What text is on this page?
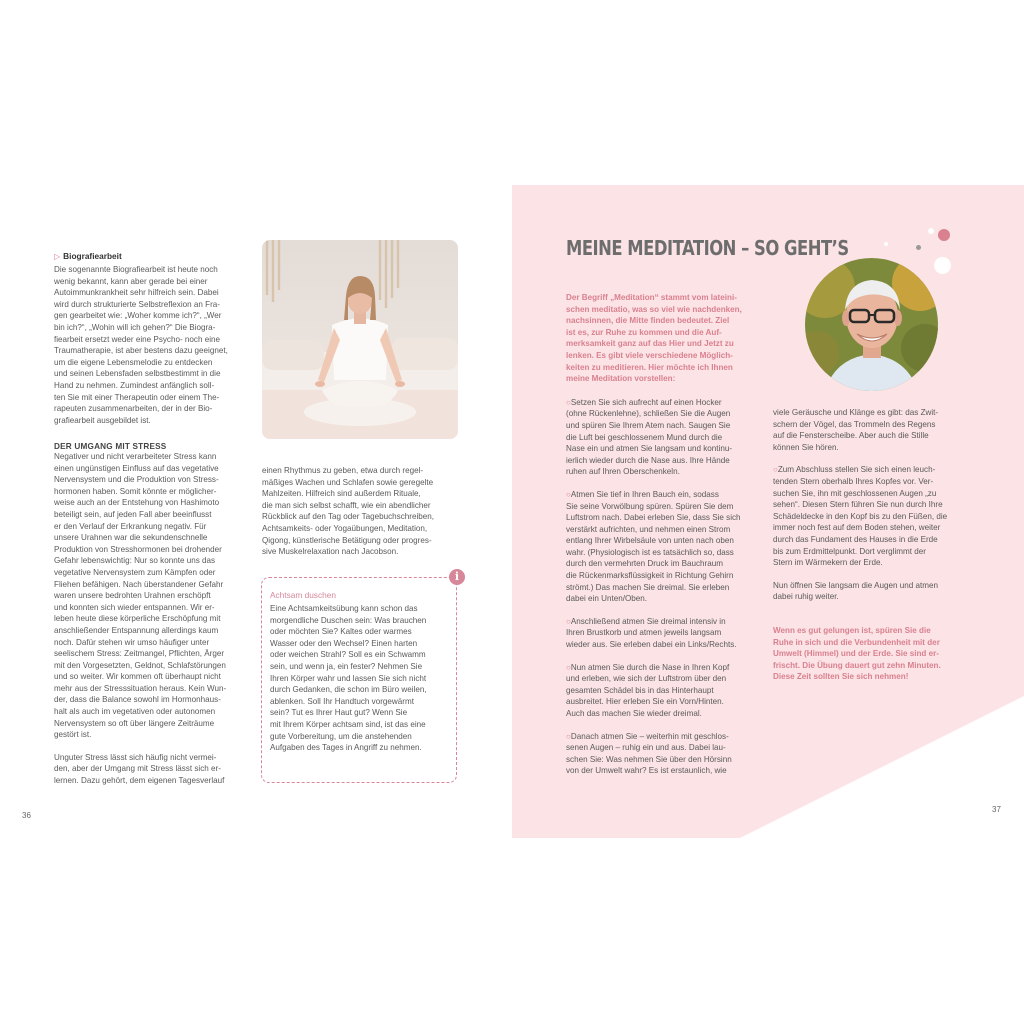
▷ Biografiearbeit

Die sogenannte Biografiearbeit ist heute noch
wenig bekannt, kann aber gerade bei einer
Autoimmunkrankheit sehr hilfreich sein. Dabei
wird durch strukturierte Selbstreflexion an Fra-
gen gearbeitet wie: „Woher komme ich?“, „Wer
bin ich?“, „Wohin will ich gehen?“ Die Biogra-
fiearbeit ersetzt weder eine Psycho- noch eine
Traumatherapie, ist aber bestens dazu geeignet,
um die eigene Lebensmelodie zu entdecken
und seinen Lebensfaden selbstbestimmt in die
Hand zu nehmen. Zumindest anfänglich soll-
ten Sie mit einer Therapeutin oder einem The-
rapeuten zusammenarbeiten, der in der Bio-
grafiearbeit ausgebildet ist.

DER UMGANG MIT STRESS

Negativer und nicht verarbeiteter Stress kann
einen ungünstigen Einfluss auf das vegetative
Nervensystem und die Produktion von Stress-
hormonen haben. Somit könnte er möglicher-
weise auch an der Entstehung von Hashimoto
beteiligt sein, auf jeden Fall aber beeinflusst
er den Verlauf der Erkrankung negativ. Für
unsere Urahnen war die sekundenschnelle
Produktion von Stresshormonen bei drohender
Gefahr lebenswichtig: Nur so konnte uns das
vegetative Nervensystem zum Kämpfen oder
Fliehen befähigen. Nach überstandener Gefahr
waren unsere bedrohten Urahnen erschöpft
und konnten sich wieder entspannen. Wir er-
leben heute diese körperliche Erschöpfung mit
anschließender Entspannung allerdings kaum
noch. Dafür stehen wir umso häufiger unter
seelischem Stress: Zeitmangel, Pflichten, Ärger
mit den Vorgesetzten, Geldnot, Schlafstörungen
und so weiter. Wir kommen oft überhaupt nicht
mehr aus der Stresssituation heraus. Kein Wun-
der, dass die Balance sowohl im Hormonhaus-
halt als auch im vegetativen oder autonomen
Nervensystem so oft über längere Zeiträume
gestört ist.

Unguter Stress lässt sich häufig nicht vermei-
den, aber der Umgang mit Stress lässt sich er-
lernen. Dazu gehört, dem eigenen Tagesverlauf

einen Rhythmus zu geben, etwa durch regel-
mäßiges Wachen und Schlafen sowie geregelte
Mahlzeiten. Hilfreich sind außerdem Rituale,
die man sich selbst schafft, wie ein abendlicher
Rückblick auf den Tag oder Tagebuchschreiben,
Achtsamkeits- oder Yogaübungen, Meditation,
Qigong, künstlerische Betätigung oder progres-
sive Muskelrelaxation nach Jacobson.

i
Achtsam duschen

Eine Achtsamkeitsübung kann schon das
morgendliche Duschen sein: Was brauchen
oder möchten Sie? Kaltes oder warmes
Wasser oder den Wechsel? Einen harten
oder weichen Strahl? Soll es ein Schwamm
sein, und wenn ja, ein fester? Nehmen Sie
Ihren Körper wahr und lassen Sie sich nicht
durch Gedanken, die schon im Büro weilen,
ablenken. Soll Ihr Handtuch vorgewärmt
sein? Tut es Ihrer Haut gut? Wenn Sie
mit Ihrem Körper achtsam sind, ist das eine
gute Vorbereitung, um die anstehenden
Aufgaben des Tages in Angriff zu nehmen.

36
MEINE MEDITATION – SO GEHT’S

Der Begriff „Meditation“ stammt vom lateini-
schen meditatio, was so viel wie nachdenken,
nachsinnen, die Mitte finden bedeutet. Ziel
ist es, zur Ruhe zu kommen und die Auf-
merksamkeit ganz auf das Hier und Jetzt zu
lenken. Es gibt viele verschiedene Möglich-
keiten zu meditieren. Hier möchte ich Ihnen
meine Meditation vorstellen:

○Setzen Sie sich aufrecht auf einen Hocker
(ohne Rückenlehne), schließen Sie die Augen
und spüren Sie Ihrem Atem nach. Saugen Sie
die Luft bei geschlossenem Mund durch die
Nase ein und atmen Sie langsam und kontinu-
ierlich wieder durch die Nase aus. Ihre Hände
ruhen auf Ihren Oberschenkeln.

○Atmen Sie tief in Ihren Bauch ein, sodass
Sie seine Vorwölbung spüren. Spüren Sie dem
Luftstrom nach. Dabei erleben Sie, dass Sie sich
verstärkt aufrichten, und nehmen einen Strom
entlang Ihrer Wirbelsäule von unten nach oben
wahr. (Physiologisch ist es tatsächlich so, dass
durch den vermehrten Druck im Bauchraum
die Rückenmarksflüssigkeit in Richtung Gehirn
strömt.) Das machen Sie dreimal. Sie erleben
dabei ein Unten/Oben.

○Anschließend atmen Sie dreimal intensiv in
Ihren Brustkorb und atmen jeweils langsam
wieder aus. Sie erleben dabei ein Links/Rechts.

○Nun atmen Sie durch die Nase in Ihren Kopf
und erleben, wie sich der Luftstrom über den
gesamten Schädel bis in das Hinterhaupt
ausbreitet. Hier erleben Sie ein Vorn/Hinten.
Auch das machen Sie wieder dreimal.

○Danach atmen Sie – weiterhin mit geschlos-
senen Augen – ruhig ein und aus. Dabei lau-
schen Sie: Was nehmen Sie über den Hörsinn
von der Umwelt wahr? Es ist erstaunlich, wie

viele Geräusche und Klänge es gibt: das Zwit-
schern der Vögel, das Trommeln des Regens
auf die Fensterscheibe. Aber auch die Stille
können Sie hören.

○Zum Abschluss stellen Sie sich einen leuch-
tenden Stern oberhalb Ihres Kopfes vor. Ver-
suchen Sie, ihn mit geschlossenen Augen „zu
sehen“. Diesen Stern führen Sie nun durch Ihre
Schädeldecke in den Kopf bis zu den Füßen, die
immer noch fest auf dem Boden stehen, weiter
durch das Fundament des Hauses in die Erde
bis zum Erdmittelpunkt. Dort verglimmt der
Stern im Wärmekern der Erde.

Nun öffnen Sie langsam die Augen und atmen
dabei ruhig weiter.

Wenn es gut gelungen ist, spüren Sie die
Ruhe in sich und die Verbundenheit mit der
Umwelt (Himmel) und der Erde. Sie sind er-
frischt. Die Übung dauert gut zehn Minuten.
Diese Zeit sollten Sie sich nehmen!

37
